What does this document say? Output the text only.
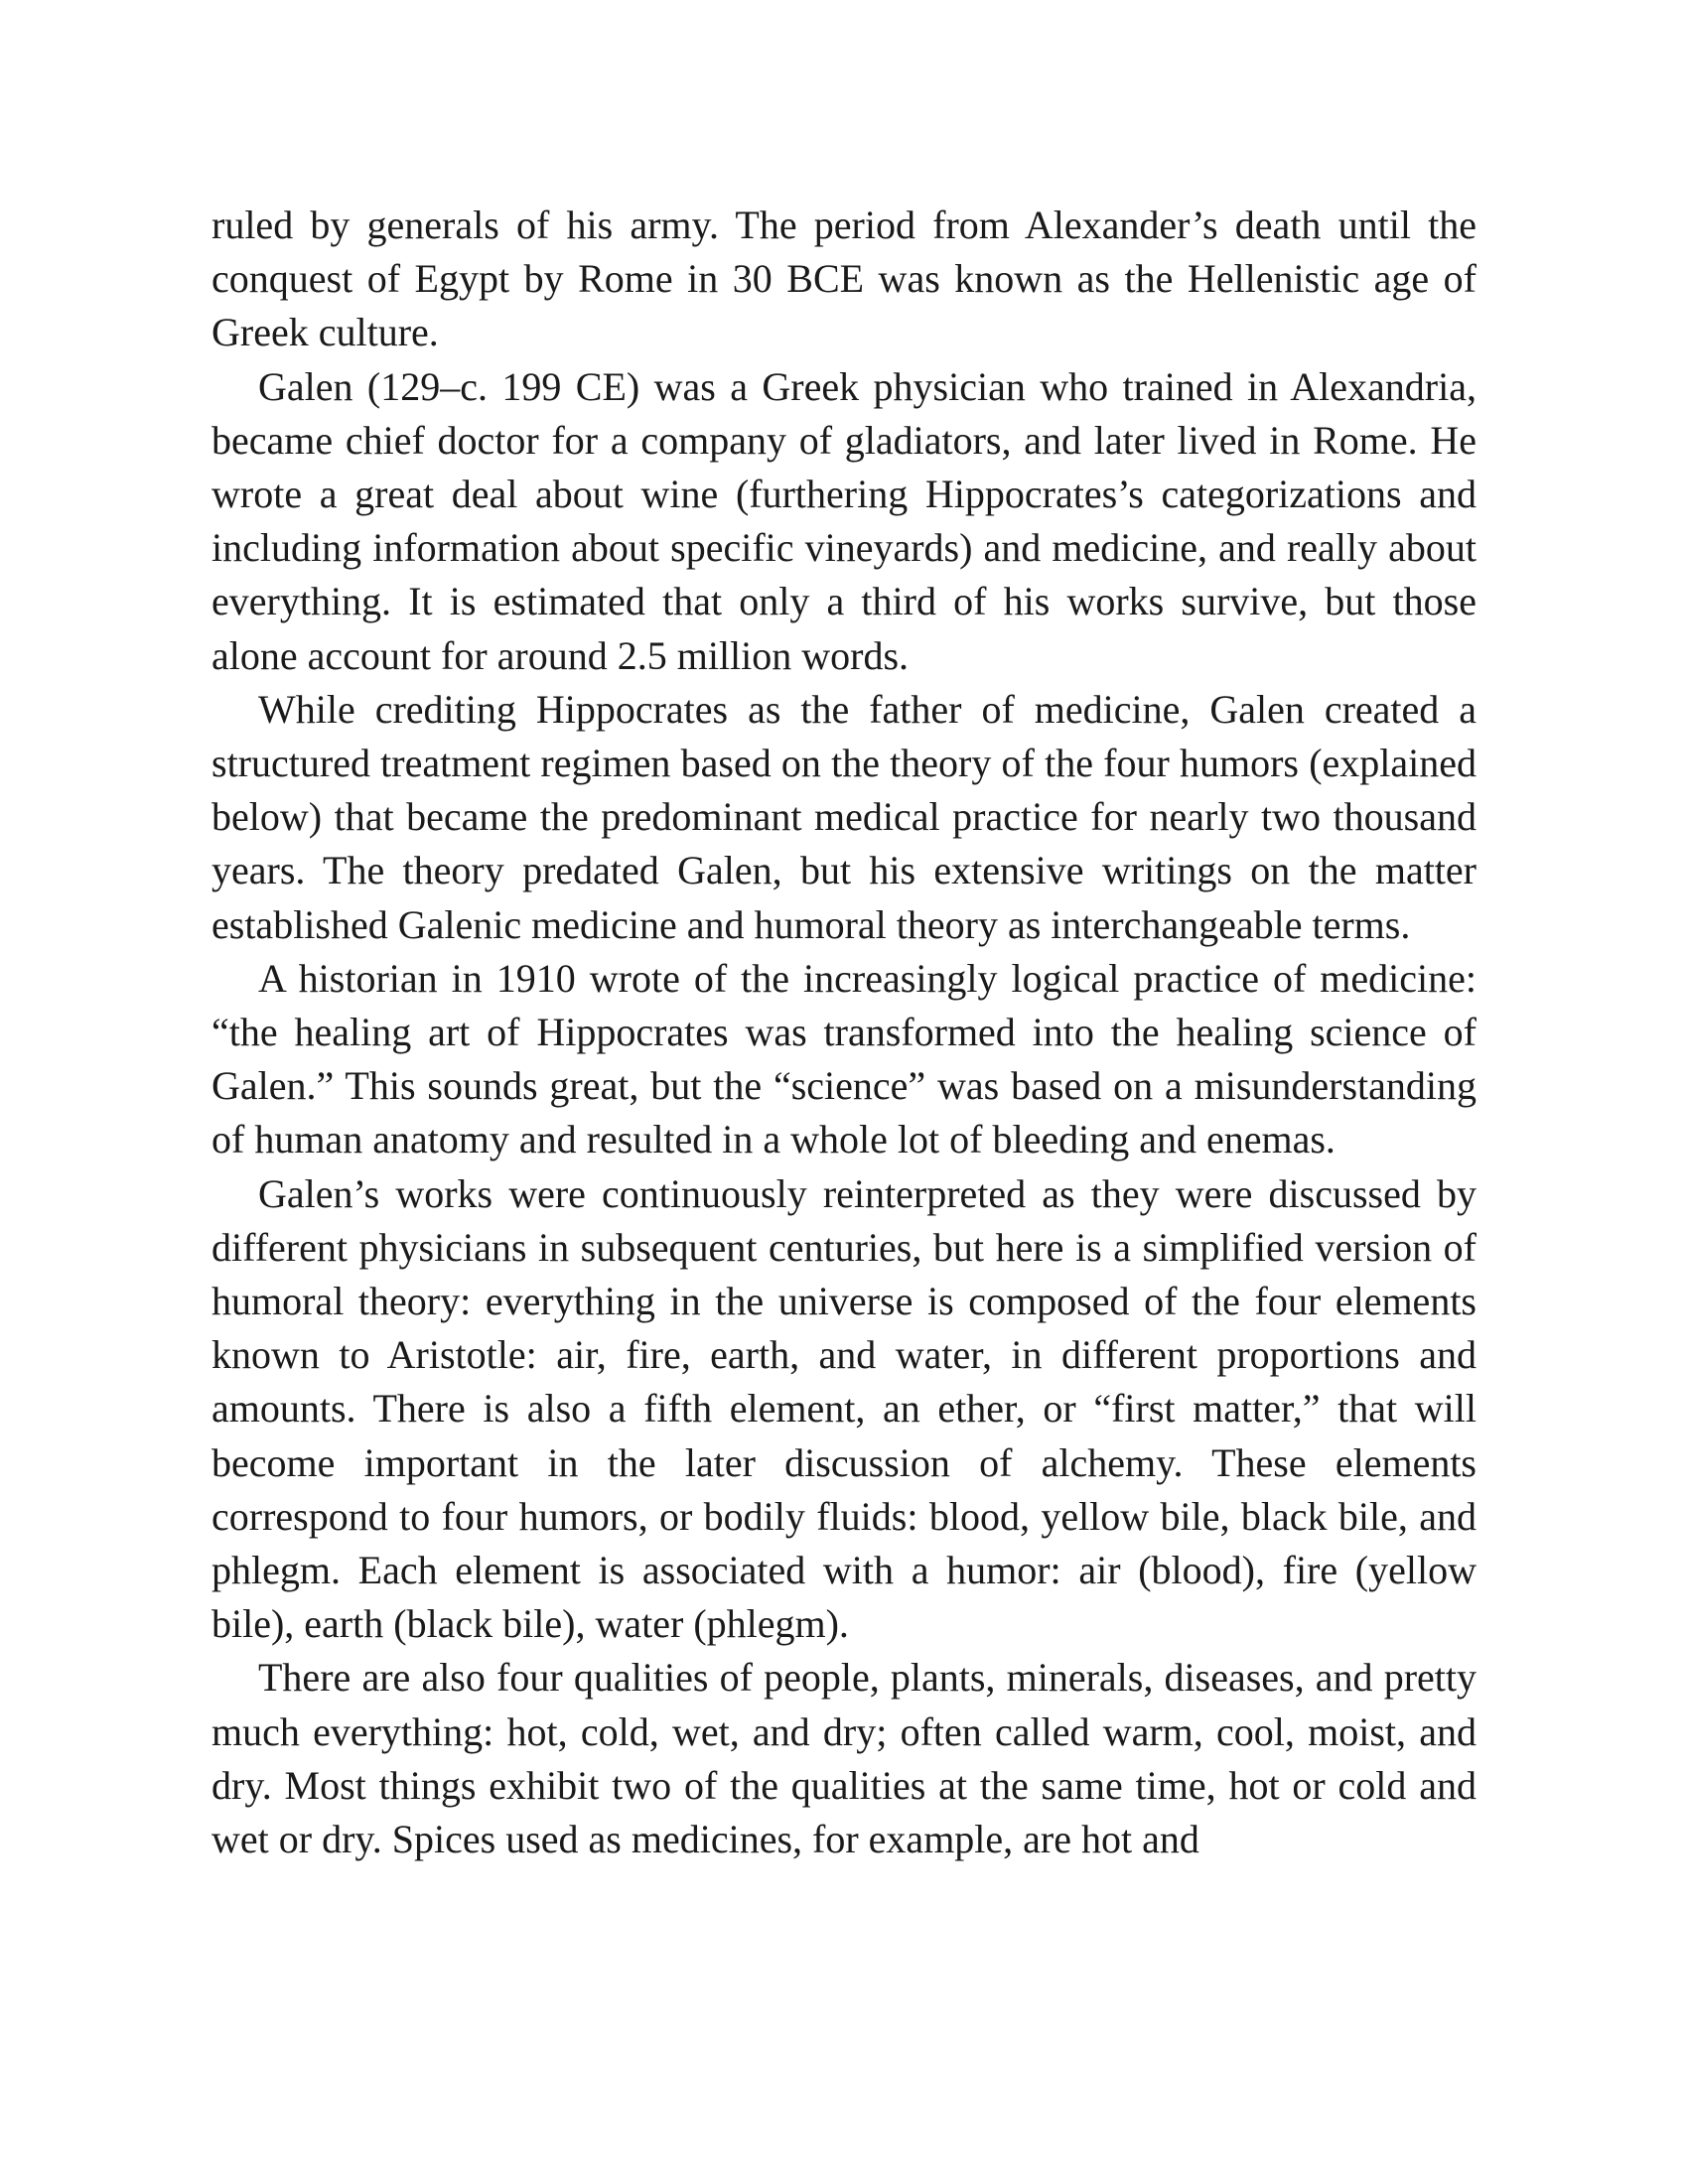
ruled by generals of his army. The period from Alexander’s death until the conquest of Egypt by Rome in 30 BCE was known as the Hellenistic age of Greek culture.

Galen (129–c. 199 CE) was a Greek physician who trained in Alexandria, became chief doctor for a company of gladiators, and later lived in Rome. He wrote a great deal about wine (furthering Hippocrates’s categorizations and including information about specific vineyards) and medicine, and really about everything. It is estimated that only a third of his works survive, but those alone account for around 2.5 million words.

While crediting Hippocrates as the father of medicine, Galen created a structured treatment regimen based on the theory of the four humors (explained below) that became the predominant medical practice for nearly two thousand years. The theory predated Galen, but his extensive writings on the matter established Galenic medicine and humoral theory as interchangeable terms.

A historian in 1910 wrote of the increasingly logical practice of medicine: “the healing art of Hippocrates was transformed into the healing science of Galen.” This sounds great, but the “science” was based on a misunderstanding of human anatomy and resulted in a whole lot of bleeding and enemas.

Galen’s works were continuously reinterpreted as they were discussed by different physicians in subsequent centuries, but here is a simplified version of humoral theory: everything in the universe is composed of the four elements known to Aristotle: air, fire, earth, and water, in different proportions and amounts. There is also a fifth element, an ether, or “first matter,” that will become important in the later discussion of alchemy. These elements correspond to four humors, or bodily fluids: blood, yellow bile, black bile, and phlegm. Each element is associated with a humor: air (blood), fire (yellow bile), earth (black bile), water (phlegm).

There are also four qualities of people, plants, minerals, diseases, and pretty much everything: hot, cold, wet, and dry; often called warm, cool, moist, and dry. Most things exhibit two of the qualities at the same time, hot or cold and wet or dry. Spices used as medicines, for example, are hot and
